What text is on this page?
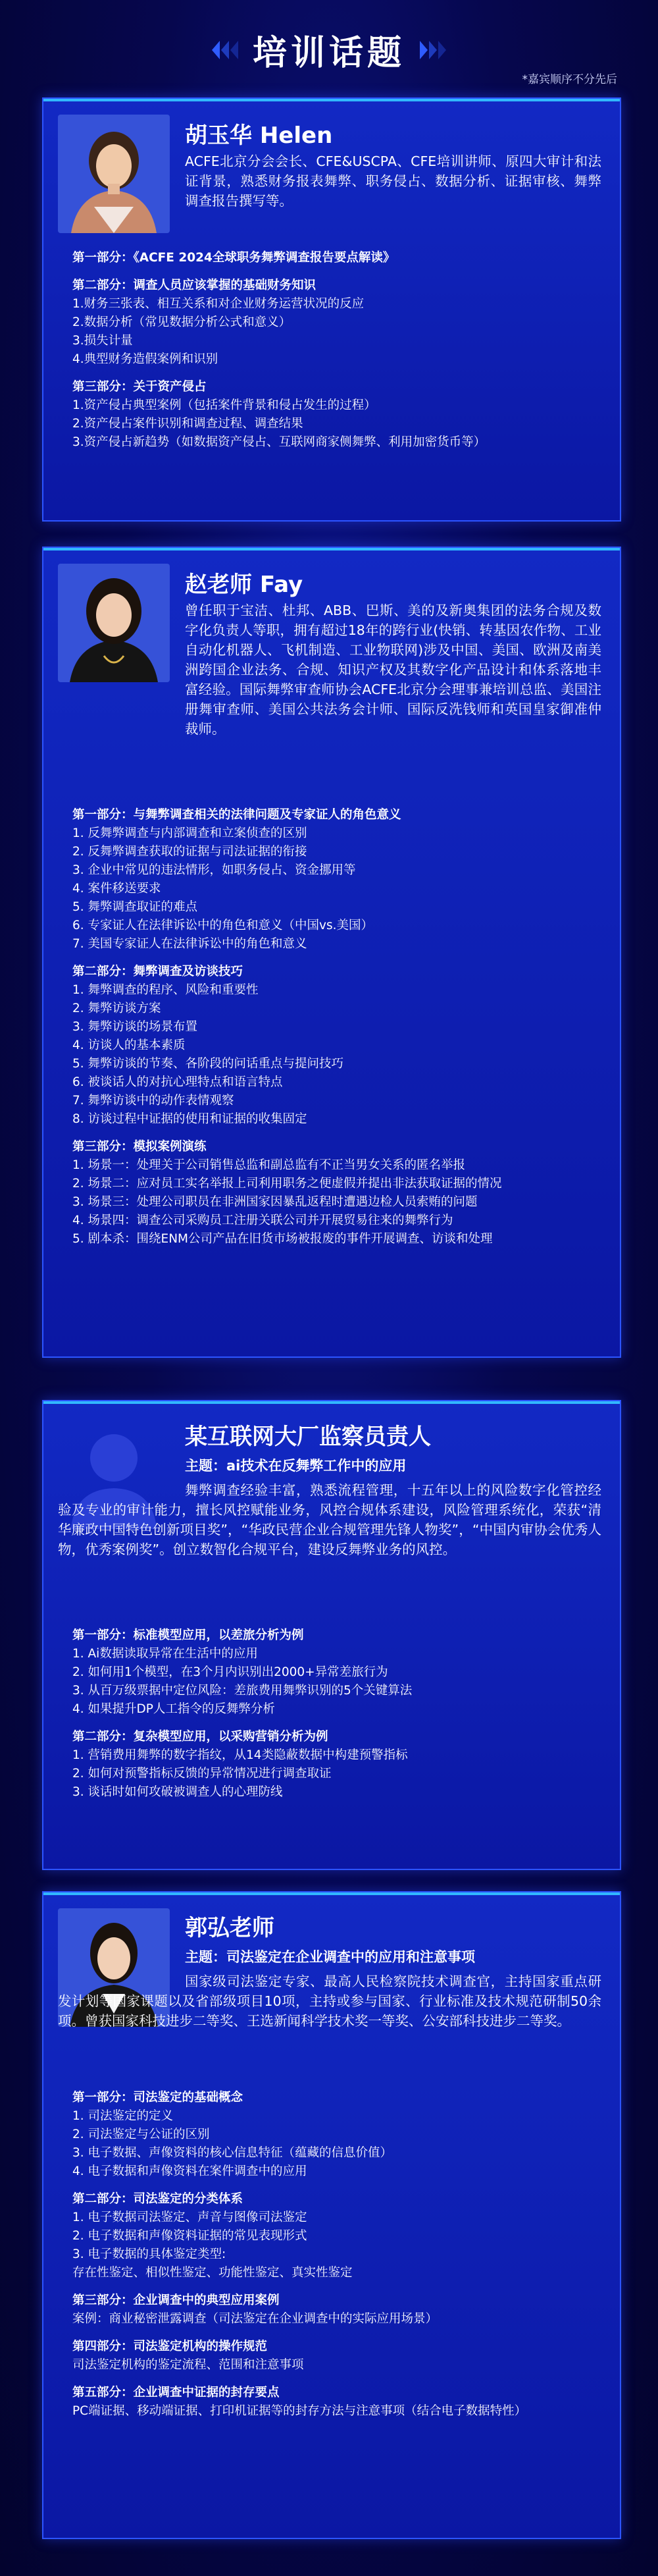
培训话题
*嘉宾顺序不分先后
胡玉华 Helen
ACFE北京分会会长、CFE&USCPA、CFE培训讲师、原四大审计和法证背景，熟悉财务报表舞弊、职务侵占、数据分析、证据审核、舞弊调查报告撰写等。
第一部分：《ACFE 2024全球职务舞弊调查报告要点解读》
第二部分：调查人员应该掌握的基础财务知识
1.财务三张表、相互关系和对企业财务运营状况的反应
2.数据分析（常见数据分析公式和意义）
3.损失计量
4.典型财务造假案例和识别
第三部分：关于资产侵占
1.资产侵占典型案例（包括案件背景和侵占发生的过程）
2.资产侵占案件识别和调查过程、调查结果
3.资产侵占新趋势（如数据资产侵占、互联网商家侧舞弊、利用加密货币等）
赵老师 Fay
曾任职于宝洁、杜邦、ABB、巴斯、美的及新奥集团的法务合规及数字化负责人等职，拥有超过18年的跨行业(快销、转基因农作物、工业自动化机器人、飞机制造、工业物联网)涉及中国、美国、欧洲及南美洲跨国企业法务、合规、知识产权及其数字化产品设计和体系落地丰富经验。国际舞弊审查师协会ACFE北京分会理事兼培训总监、美国注册舞审查师、美国公共法务会计师、国际反洗钱师和英国皇家御准仲裁师。
第一部分：与舞弊调查相关的法律问题及专家证人的角色意义
1. 反舞弊调查与内部调查和立案侦查的区别
2. 反舞弊调查获取的证据与司法证据的衔接
3. 企业中常见的违法情形，如职务侵占、资金挪用等
4. 案件移送要求
5. 舞弊调查取证的难点
6. 专家证人在法律诉讼中的角色和意义（中国vs.美国）
7. 美国专家证人在法律诉讼中的角色和意义
第二部分：舞弊调查及访谈技巧
1. 舞弊调查的程序、风险和重要性
2. 舞弊访谈方案
3. 舞弊访谈的场景布置
4. 访谈人的基本素质
5. 舞弊访谈的节奏、各阶段的问话重点与提问技巧
6. 被谈话人的对抗心理特点和语言特点
7. 舞弊访谈中的动作表情观察
8. 访谈过程中证据的使用和证据的收集固定
第三部分：模拟案例演练
1. 场景一：处理关于公司销售总监和副总监有不正当男女关系的匿名举报
2. 场景二：应对员工实名举报上司利用职务之便虚假并提出非法获取证据的情况
3. 场景三：处理公司职员在非洲国家因暴乱返程时遭遇边检人员索贿的问题
4. 场景四：调查公司采购员工注册关联公司并开展贸易往来的舞弊行为
5. 剧本杀：围绕ENM公司产品在旧货市场被报废的事件开展调查、访谈和处理
某互联网大厂监察员责人
主题：ai技术在反舞弊工作中的应用
舞弊调查经验丰富，熟悉流程管理，十五年以上的风险数字化管控经验及专业的审计能力，擅长风控赋能业务，风控合规体系建设，风险管理系统化，荣获“清华廉政中国特色创新项目奖”，“华政民营企业合规管理先锋人物奖”，“中国内审协会优秀人物，优秀案例奖”。创立数智化合规平台，建设反舞弊业务的风控。
第一部分：标准模型应用，以差旅分析为例
1. Ai数据读取异常在生活中的应用
2. 如何用1个模型，在3个月内识别出2000+异常差旅行为
3. 从百万级票据中定位风险：差旅费用舞弊识别的5个关键算法
4. 如果提升DP人工指令的反舞弊分析
第二部分：复杂模型应用，以采购营销分析为例
1. 营销费用舞弊的数字指纹，从14类隐蔽数据中构建预警指标
2. 如何对预警指标反馈的异常情况进行调查取证
3. 谈话时如何攻破被调查人的心理防线
郭弘老师
主题：司法鉴定在企业调查中的应用和注意事项
国家级司法鉴定专家、最高人民检察院技术调查官，主持国家重点研发计划等国家课题以及省部级项目10项，主持或参与国家、行业标准及技术规范研制50余项。曾获国家科技进步二等奖、王选新闻科学技术奖一等奖、公安部科技进步二等奖。
第一部分：司法鉴定的基础概念
1. 司法鉴定的定义
2. 司法鉴定与公证的区别
3. 电子数据、声像资料的核心信息特征（蕴藏的信息价值）
4. 电子数据和声像资料在案件调查中的应用
第二部分：司法鉴定的分类体系
1. 电子数据司法鉴定、声音与图像司法鉴定
2. 电子数据和声像资料证据的常见表现形式
3. 电子数据的具体鉴定类型:
存在性鉴定、相似性鉴定、功能性鉴定、真实性鉴定
第三部分：企业调查中的典型应用案例
案例：商业秘密泄露调查（司法鉴定在企业调查中的实际应用场景）
第四部分：司法鉴定机构的操作规范
司法鉴定机构的鉴定流程、范围和注意事项
第五部分：企业调查中证据的封存要点
PC端证据、移动端证据、打印机证据等的封存方法与注意事项（结合电子数据特性）
